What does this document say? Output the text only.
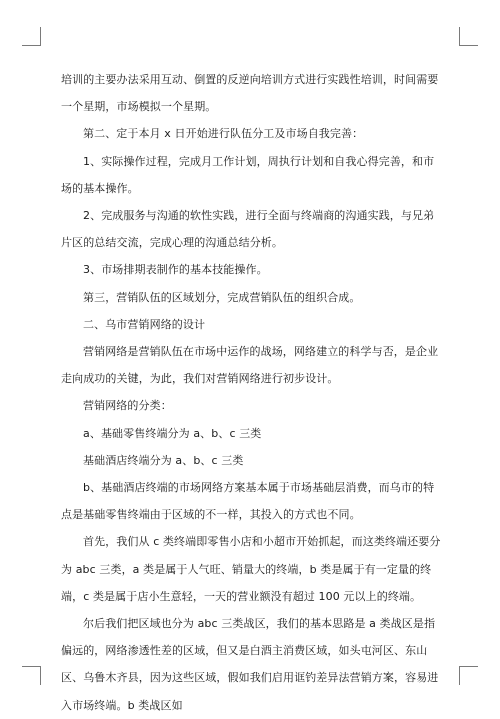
培训的主要办法采用互动、倒置的反逆向培训方式进行实践性培训，时间需要一个星期，市场模拟一个星期。

第二、定于本月 x 日开始进行队伍分工及市场自我完善：

1、实际操作过程，完成月工作计划，周执行计划和自我心得完善，和市场的基本操作。

2、完成服务与沟通的软性实践，进行全面与终端商的沟通实践，与兄弟片区的总结交流，完成心理的沟通总结分析。

3、市场排期表制作的基本技能操作。

第三，营销队伍的区域划分，完成营销队伍的组织合成。

二、乌市营销网络的设计

营销网络是营销队伍在市场中运作的战场，网络建立的科学与否，是企业走向成功的关键，为此，我们对营销网络进行初步设计。

营销网络的分类：

a、基础零售终端分为 a、b、c 三类

基础酒店终端分为 a、b、c 三类

b、基础酒店终端的市场网络方案基本属于市场基础层消费，而乌市的特点是基础零售终端由于区域的不一样，其投入的方式也不同。

首先，我们从 c 类终端即零售小店和小超市开始抓起，而这类终端还要分为 abc 三类，a 类是属于人气旺、销量大的终端，b 类是属于有一定量的终端，c 类是属于店小生意轻，一天的营业额没有超过 100 元以上的终端。

尔后我们把区域也分为 abc 三类战区，我们的基本思路是 a 类战区是指偏远的，网络渗透性差的区域，但又是白酒主消费区域，如头屯河区、东山区、乌鲁木齐县，因为这些区域，假如我们启用诓钓差异法营销方案，容易进入市场终端。b 类战区如
